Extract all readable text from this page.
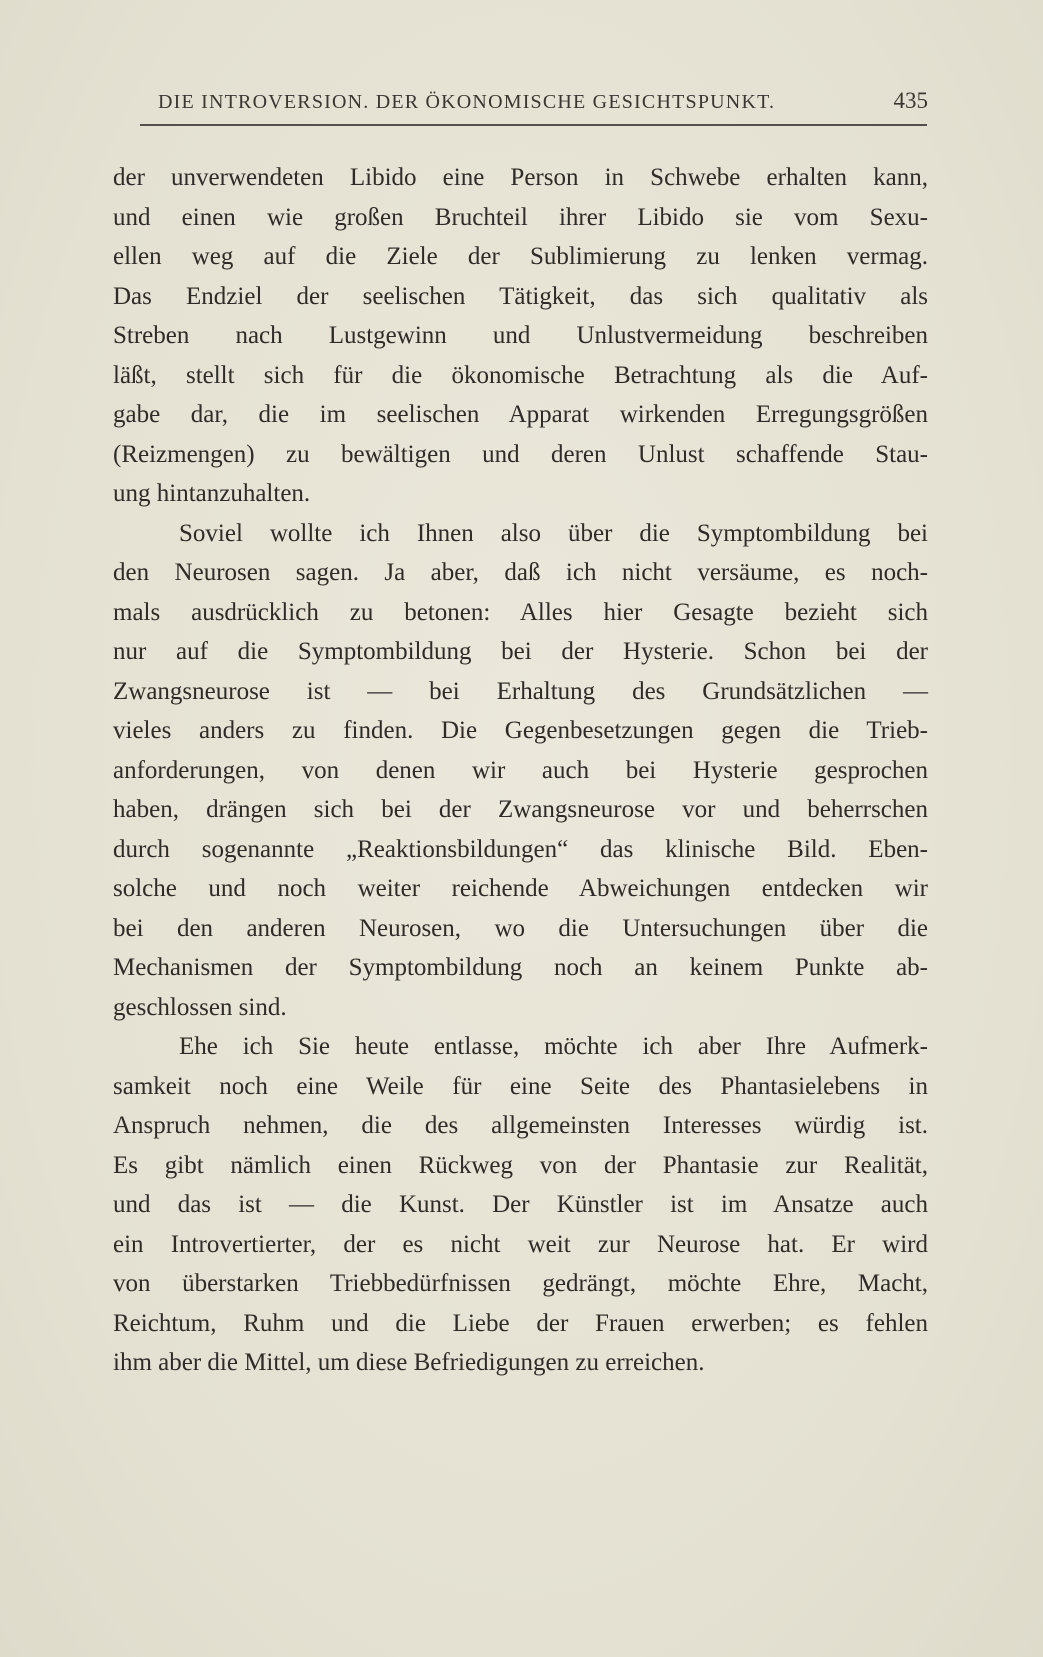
DIE INTROVERSION. DER ÖKONOMISCHE GESICHTSPUNKT.	435
der unverwendeten Libido eine Person in Schwebe erhalten kann,
und einen wie großen Bruchteil ihrer Libido sie vom Sexu-
ellen weg auf die Ziele der Sublimierung zu lenken vermag.
Das Endziel der seelischen Tätigkeit, das sich qualitativ als
Streben nach Lustgewinn und Unlustvermeidung beschreiben
läßt, stellt sich für die ökonomische Betrachtung als die Auf-
gabe dar, die im seelischen Apparat wirkenden Erregungsgrößen
(Reizmengen) zu bewältigen und deren Unlust schaffende Stau-
ung hintanzuhalten.
Soviel wollte ich Ihnen also über die Symptombildung bei
den Neurosen sagen. Ja aber, daß ich nicht versäume, es noch-
mals ausdrücklich zu betonen: Alles hier Gesagte bezieht sich
nur auf die Symptombildung bei der Hysterie. Schon bei der
Zwangsneurose ist — bei Erhaltung des Grundsätzlichen —
vieles anders zu finden. Die Gegenbesetzungen gegen die Trieb-
anforderungen, von denen wir auch bei Hysterie gesprochen
haben, drängen sich bei der Zwangsneurose vor und beherrschen
durch sogenannte „Reaktionsbildungen“ das klinische Bild. Eben-
solche und noch weiter reichende Abweichungen entdecken wir
bei den anderen Neurosen, wo die Untersuchungen über die
Mechanismen der Symptombildung noch an keinem Punkte ab-
geschlossen sind.
Ehe ich Sie heute entlasse, möchte ich aber Ihre Aufmerk-
samkeit noch eine Weile für eine Seite des Phantasielebens in
Anspruch nehmen, die des allgemeinsten Interesses würdig ist.
Es gibt nämlich einen Rückweg von der Phantasie zur Realität,
und das ist — die Kunst. Der Künstler ist im Ansatze auch
ein Introvertierter, der es nicht weit zur Neurose hat. Er wird
von überstarken Triebbedürfnissen gedrängt, möchte Ehre, Macht,
Reichtum, Ruhm und die Liebe der Frauen erwerben; es fehlen
ihm aber die Mittel, um diese Befriedigungen zu erreichen.
